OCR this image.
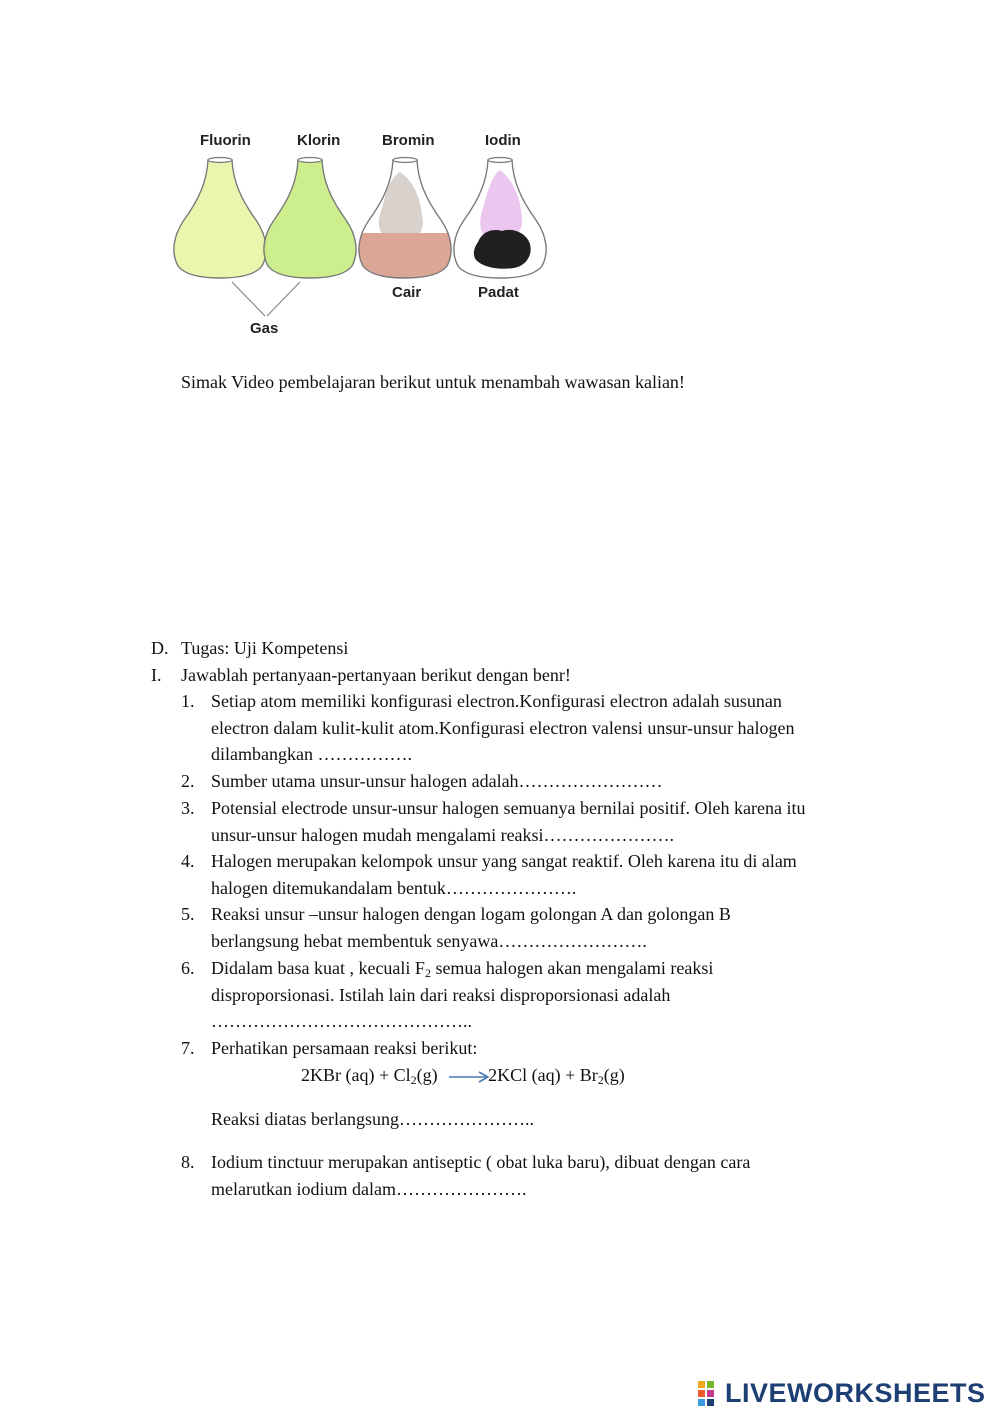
Fluorin	Klorin	Bromin	Iodin
Cair	Padat
Gas
Simak Video pembelajaran berikut untuk menambah wawasan kalian!
D. Tugas: Uji Kompetensi
I. Jawablah pertanyaan-pertanyaan berikut dengan benr!
1. Setiap atom memiliki konfigurasi electron.Konfigurasi electron adalah susunan
electron dalam kulit-kulit atom.Konfigurasi electron valensi unsur-unsur halogen
dilambangkan …………….
2. Sumber utama unsur-unsur halogen adalah……………………
3. Potensial electrode unsur-unsur halogen semuanya bernilai positif. Oleh karena itu
unsur-unsur halogen mudah mengalami reaksi………………….
4. Halogen merupakan kelompok unsur yang sangat reaktif. Oleh karena itu di alam
halogen ditemukandalam bentuk………………….
5. Reaksi unsur –unsur halogen dengan logam golongan A dan golongan B
berlangsung hebat membentuk senyawa…………………….
6. Didalam basa kuat , kecuali $F_2$ semua halogen akan mengalami reaksi
disproporsionasi. Istilah lain dari reaksi disproporsionasi adalah
……………………………………..
7. Perhatikan persamaan reaksi berikut:
2KBr $(aq) + Cl_2(g)$	2KCl $(aq) + Br_2(g)$
Reaksi diatas berlangsung…………………..
8. Iodium tinctuur merupakan antiseptic ( obat luka baru), dibuat dengan cara
melarutkan iodium dalam………………….
LIVEWORKSHEETS
